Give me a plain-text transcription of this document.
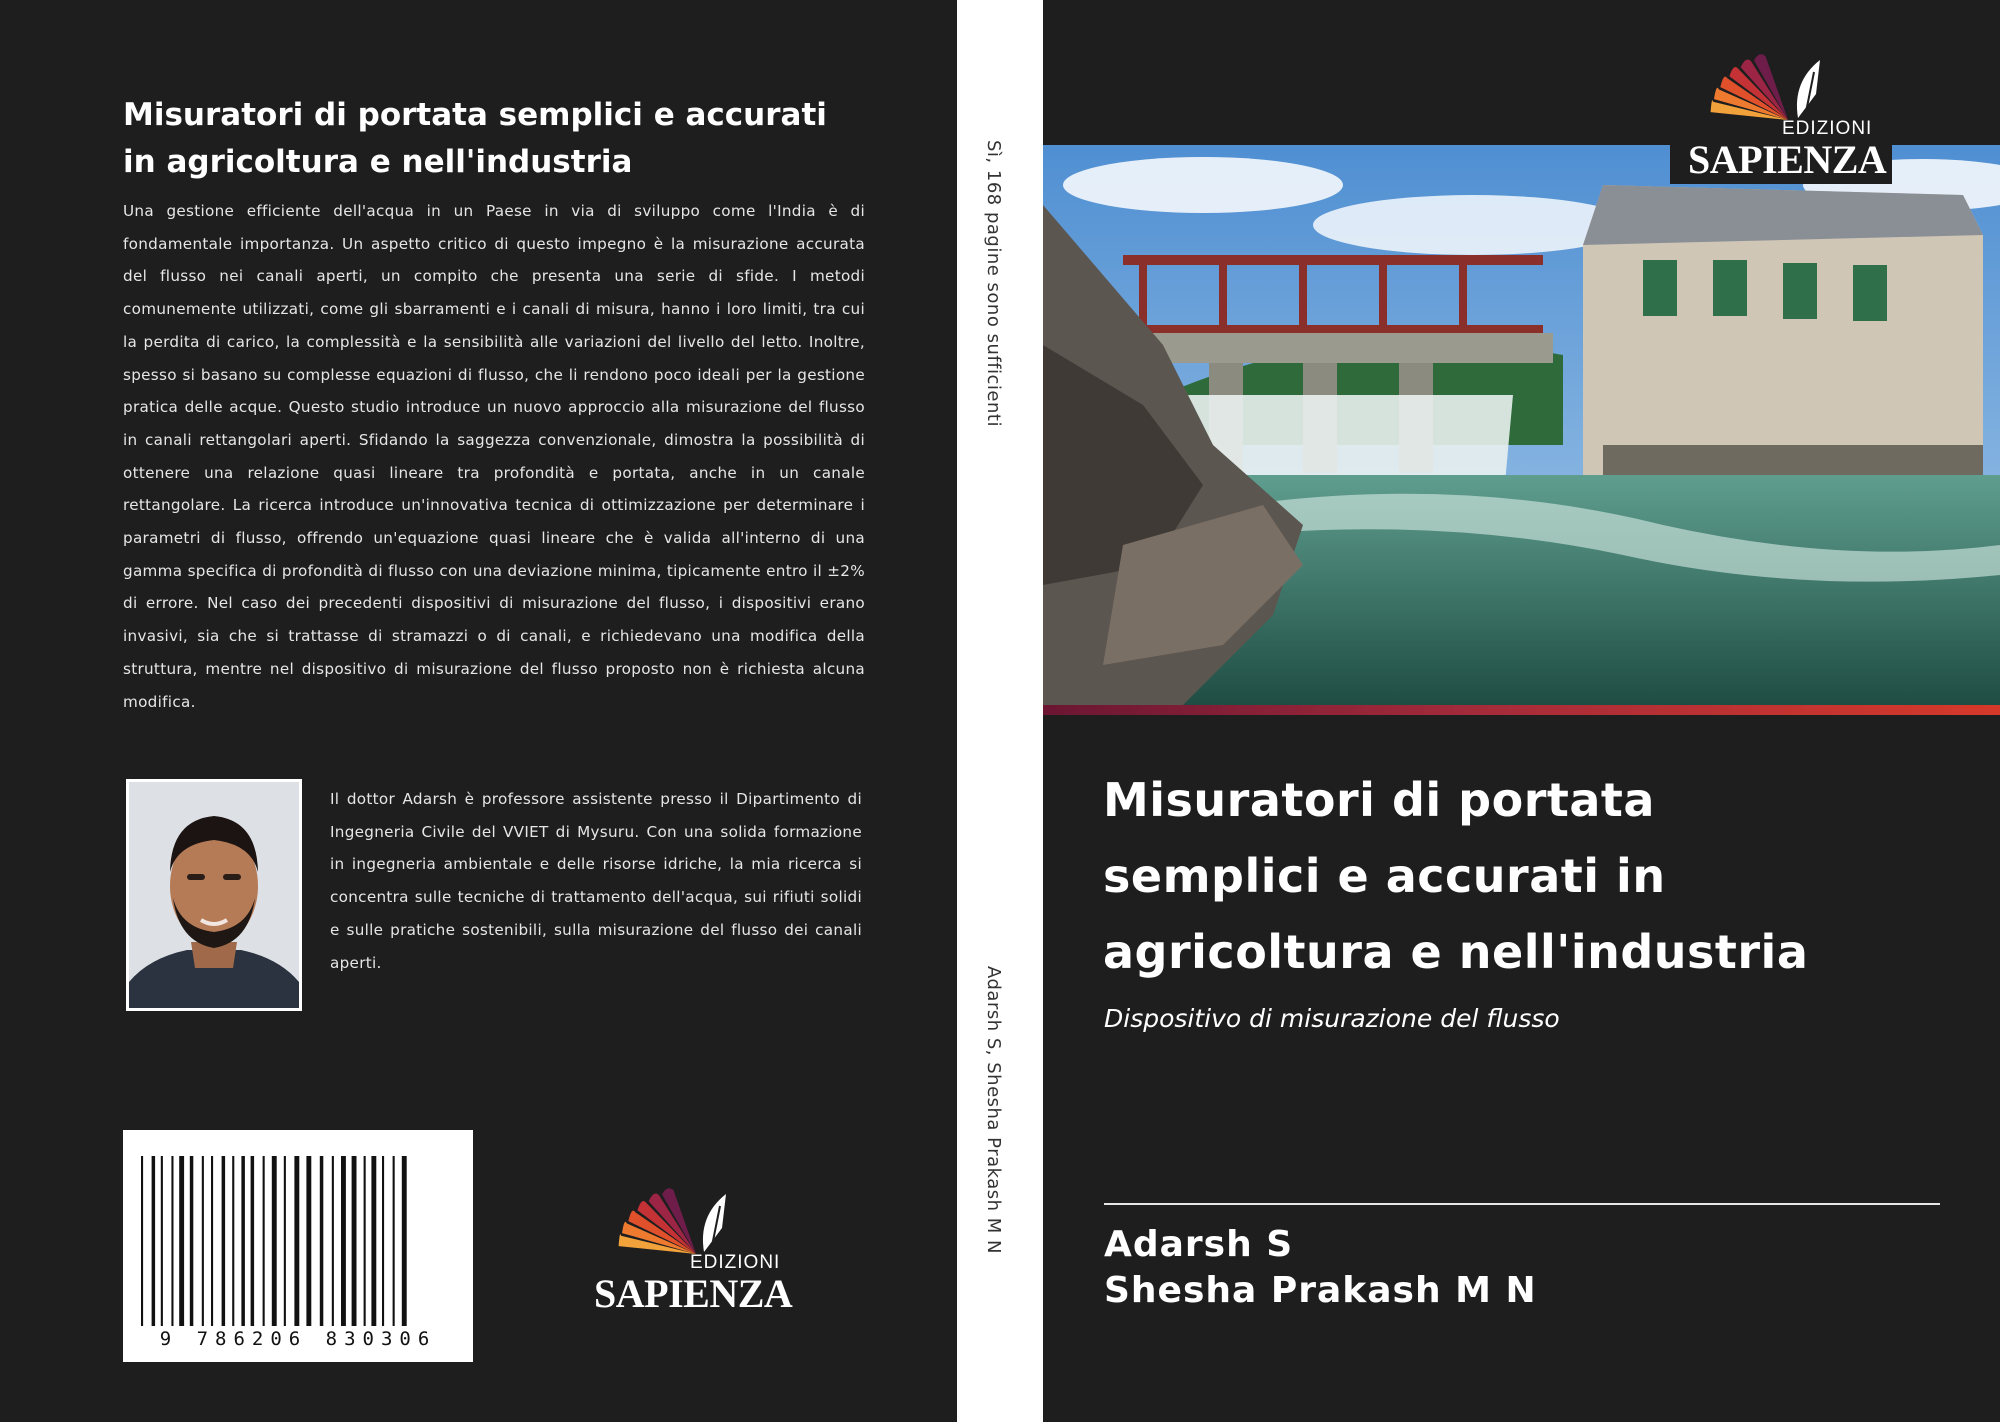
Misuratori di portata semplici e accurati
in agricoltura e nell'industria

Una gestione efficiente dell'acqua in un Paese in via di sviluppo come l'India è di fondamentale importanza. Un aspetto critico di questo impegno è la misurazione accurata del flusso nei canali aperti, un compito che presenta una serie di sfide. I metodi comunemente utilizzati, come gli sbarramenti e i canali di misura, hanno i loro limiti, tra cui la perdita di carico, la complessità e la sensibilità alle variazioni del livello del letto. Inoltre, spesso si basano su complesse equazioni di flusso, che li rendono poco ideali per la gestione pratica delle acque. Questo studio introduce un nuovo approccio alla misurazione del flusso in canali rettangolari aperti. Sfidando la saggezza convenzionale, dimostra la possibilità di ottenere una relazione quasi lineare tra profondità e portata, anche in un canale rettangolare. La ricerca introduce un'innovativa tecnica di ottimizzazione per determinare i parametri di flusso, offrendo un'equazione quasi lineare che è valida all'interno di una gamma specifica di profondità di flusso con una deviazione minima, tipicamente entro il ±2% di errore. Nel caso dei precedenti dispositivi di misurazione del flusso, i dispositivi erano invasivi, sia che si trattasse di stramazzi o di canali, e richiedevano una modifica della struttura, mentre nel dispositivo di misurazione del flusso proposto non è richiesta alcuna modifica.

Il dottor Adarsh è professore assistente presso il Dipartimento di Ingegneria Civile del VVIET di Mysuru. Con una solida formazione in ingegneria ambientale e delle risorse idriche, la mia ricerca si concentra sulle tecniche di trattamento dell'acqua, sui rifiuti solidi e sulle pratiche sostenibili, sulla misurazione del flusso dei canali aperti.

9 786206 830306
EDIZIONI
SAPIENZA
Sì, 168 pagine sono sufficienti
Adarsh S, Shesha Prakash M N
EDIZIONI
SAPIENZA
Misuratori di portata
semplici e accurati in
agricoltura e nell'industria

Dispositivo di misurazione del flusso

Adarsh S

Shesha Prakash M N
